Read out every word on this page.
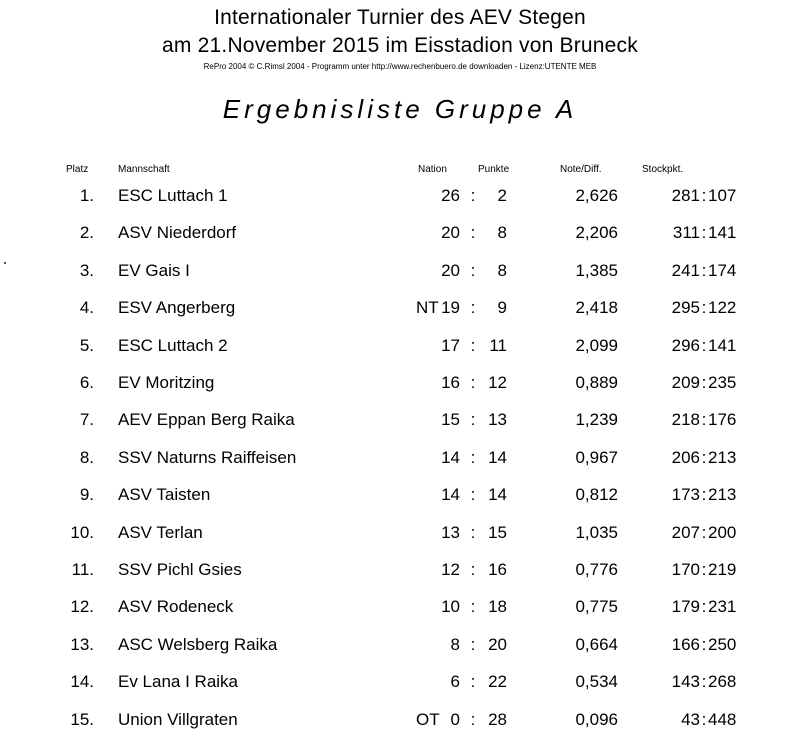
Internationaler Turnier des AEV Stegen
am 21.November 2015 im Eisstadion von Bruneck
RePro 2004 © C.Rimsl 2004 - Programm unter http://www.rechenbuero.de downloaden - Lizenz:UTENTE MEB
Ergebnisliste Gruppe A
Platz	Mannschaft	Nation	Punkte	Note/Diff.	Stockpkt.
1. ESC Luttach 1	26 :	2	2,626	281 : 107
2. ASV Niederdorf	20 :	8	2,206	311 : 141
3. EV Gais I	20 :	8	1,385	241 : 174
4. ESV Angerberg	NT 19 :	9	2,418	295 : 122
5. ESC Luttach 2	17 : 11	2,099	296 : 141
6. EV Moritzing	16 : 12	0,889	209 : 235
7. AEV Eppan Berg Raika	15 : 13	1,239	218 : 176
8. SSV Naturns Raiffeisen	14 : 14	0,967	206 : 213
9. ASV Taisten	14 : 14	0,812	173 : 213
10. ASV Terlan	13 : 15	1,035	207 : 200
11. SSV Pichl Gsies	12 : 16	0,776	170 : 219
12. ASV Rodeneck	10 : 18	0,775	179 : 231
13. ASC Welsberg Raika	8 : 20	0,664	166 : 250
14. Ev Lana I Raika	6 : 22	0,534	143 : 268
15. Union Villgraten	OT 0 : 28	0,096	43 : 448
